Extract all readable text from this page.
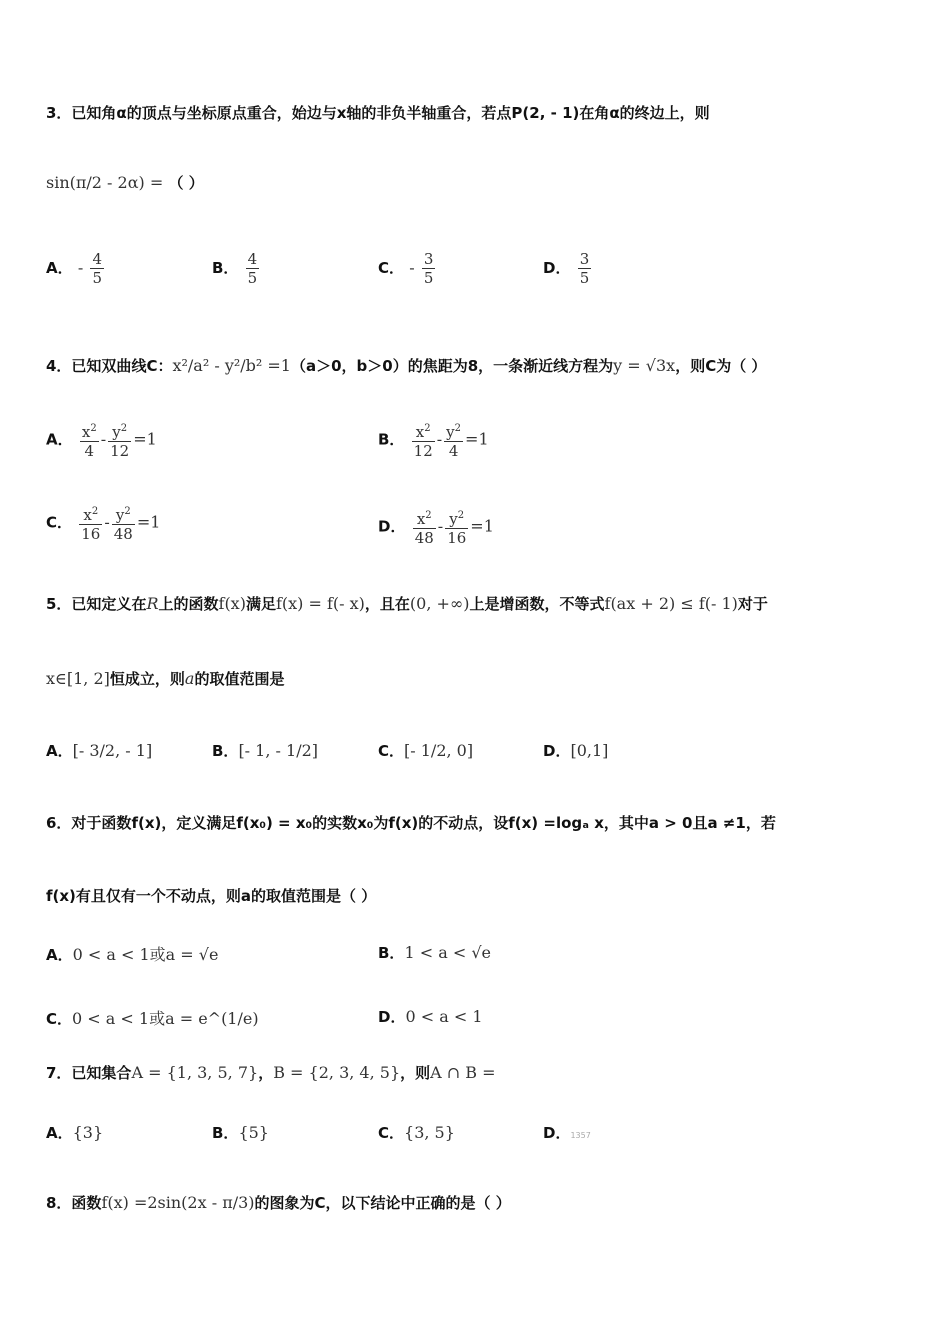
3．已知角α的顶点与坐标原点重合，始边与x轴的非负半轴重合，若点P(2, - 1)在角α的终边上，则
sin(π/2 - 2α) = （ ）
A． - $\frac{4}{5}$	B． $\frac{4}{5}$	C． - $\frac{3}{5}$	D． $\frac{3}{5}$
4．已知双曲线C：x²/a² - y²/b² =1（a＞0，b＞0）的焦距为8，一条渐近线方程为y = √3x，则C为（ ）
A． $\frac{x^2}{4} - \frac{y^2}{12} =1$	B． $\frac{x^2}{12} - \frac{y^2}{4} =1$
C． $\frac{x^2}{16} - \frac{y^2}{48} =1$	D． $\frac{x^2}{48} - \frac{y^2}{16} =1$
5．已知定义在R上的函数f(x)满足f(x) = f(- x)，且在(0, +∞)上是增函数，不等式f(ax + 2) ≤ f(- 1)对于
x∈[1, 2]恒成立，则a的取值范围是
A．[- 3/2, - 1]	B．[- 1, - 1/2]	C．[- 1/2, 0]	D．[0,1]
6．对于函数f(x)，定义满足f(x₀) = x₀的实数x₀为f(x)的不动点，设f(x) =logₐ x，其中a > 0且a ≠1，若
f(x)有且仅有一个不动点，则a的取值范围是（ ）
A．0 < a < 1或a = √e	B．1 < a < √e
C．0 < a < 1或a = e^(1/e)	D．0 < a < 1
7．已知集合A = {1, 3, 5, 7}，B = {2, 3, 4, 5}，则A ∩ B =
A．{3}	B．{5}	C．{3, 5}	D．1357
8．函数f(x) =2sin(2x - π/3)的图象为C，以下结论中正确的是（ ）
